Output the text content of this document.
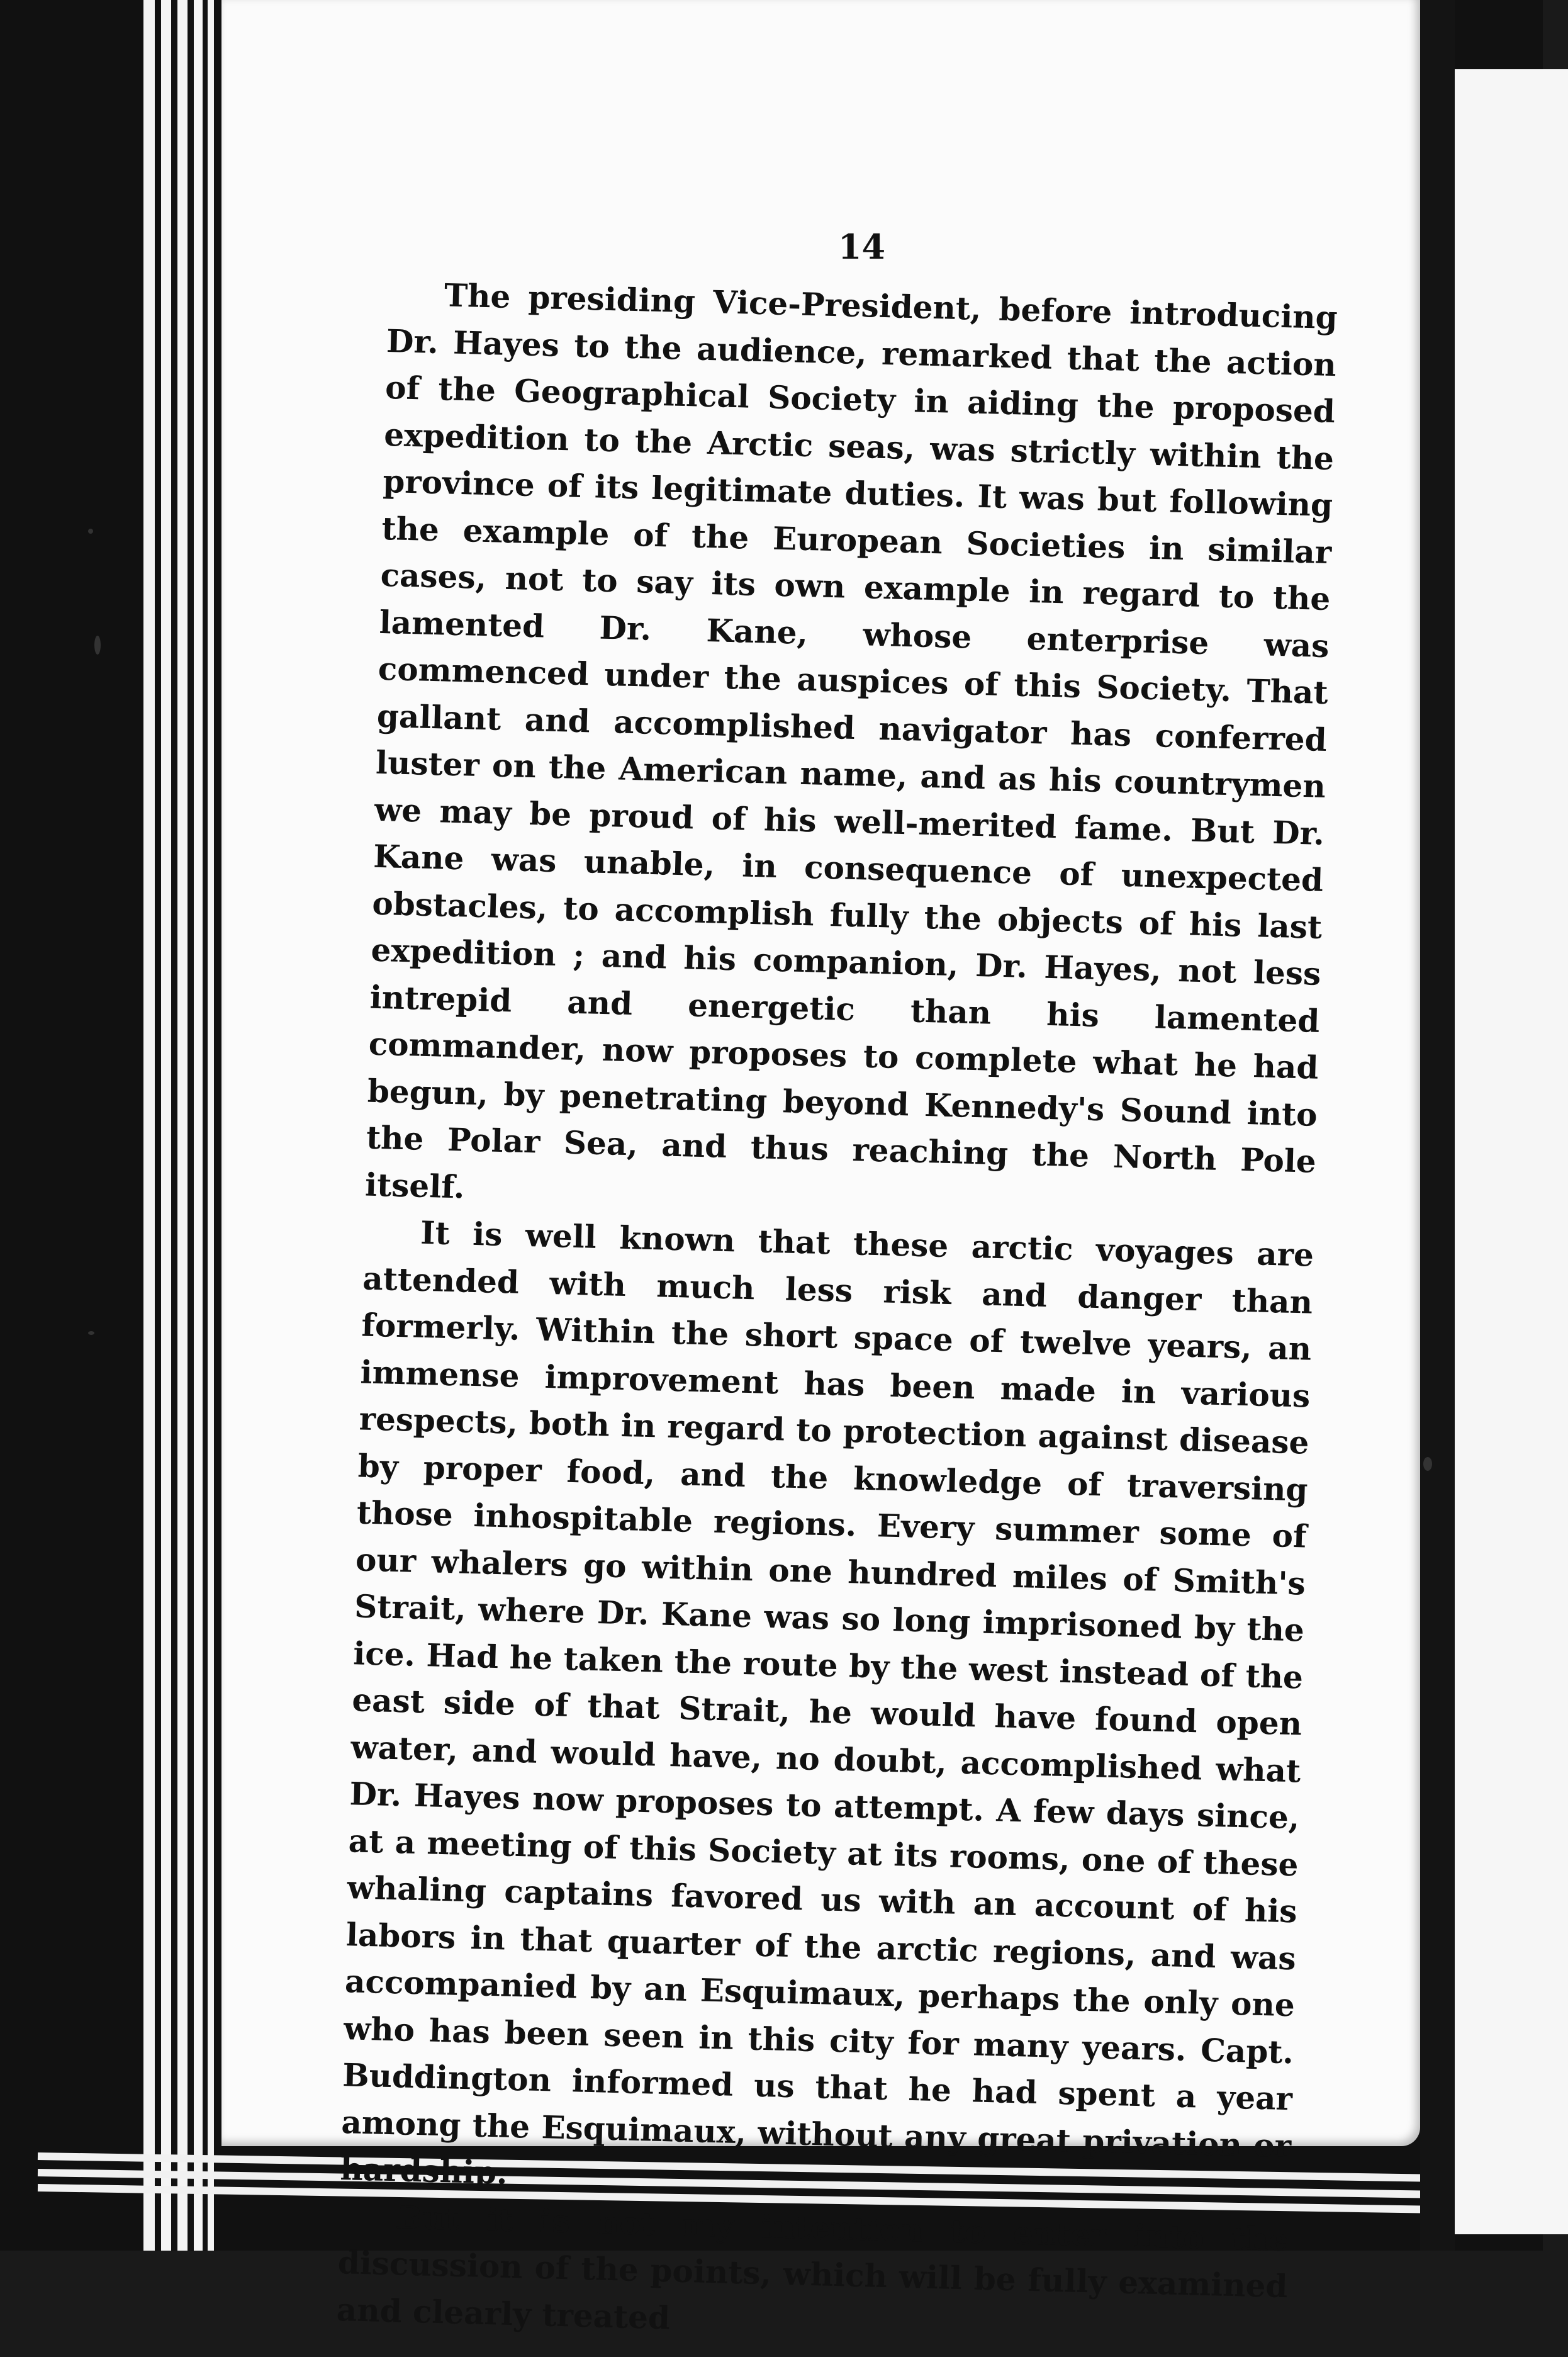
14

The presiding Vice-President, before introducing Dr. Hayes to the audience, remarked that the action of the Geographical Society in aiding the proposed expedition to the Arctic seas, was strictly within the province of its legitimate duties. It was but following the example of the European Societies in similar cases, not to say its own example in regard to the lamented Dr. Kane, whose enterprise was commenced under the auspices of this Society. That gallant and accomplished navigator has conferred luster on the American name, and as his countrymen we may be proud of his well-merited fame. But Dr. Kane was unable, in consequence of unexpected obstacles, to accomplish fully the objects of his last expedition ; and his companion, Dr. Hayes, not less intrepid and energetic than his lamented commander, now proposes to complete what he had begun, by penetrating beyond Kennedy's Sound into the Polar Sea, and thus reaching the North Pole itself.

It is well known that these arctic voyages are attended with much less risk and danger than formerly. Within the short space of twelve years, an immense improvement has been made in various respects, both in regard to protection against disease by proper food, and the knowledge of traversing those inhospitable regions. Every summer some of our whalers go within one hundred miles of Smith's Strait, where Dr. Kane was so long imprisoned by the ice. Had he taken the route by the west instead of the east side of that Strait, he would have found open water, and would have, no doubt, accomplished what Dr. Hayes now proposes to attempt. A few days since, at a meeting of this Society at its rooms, one of these whaling captains favored us with an account of his labors in that quarter of the arctic regions, and was accompanied by an Esquimaux, perhaps the only one who has been seen in this city for many years. Capt. Buddington informed us that he had spent a year among the Esquimaux, without any great privation or hardship.

But it is not my intention to enter into the discussion of the points, which will be fully examined and clearly treated
